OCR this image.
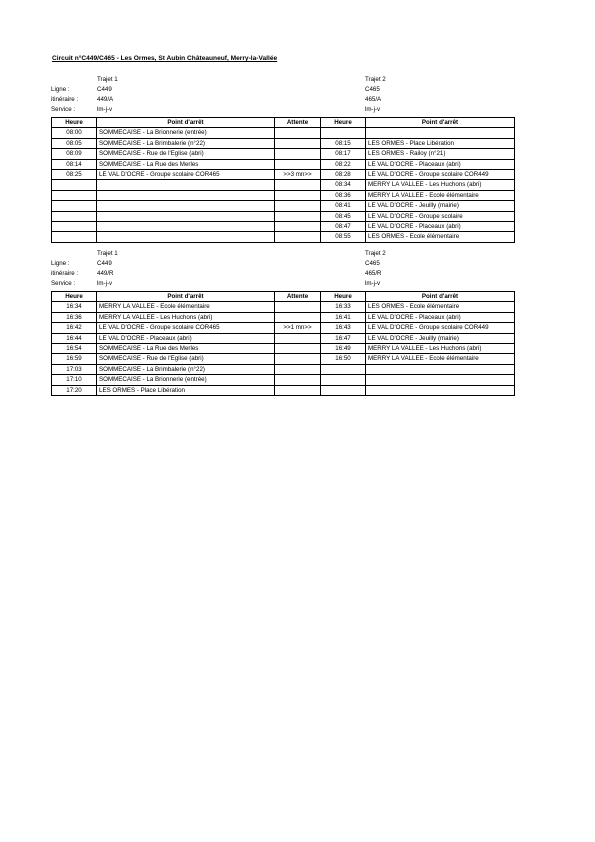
Circuit n°C449/C465 - Les Ormes, St Aubin Châteauneuf, Merry-la-Vallée
Trajet 1	Trajet 2
Ligne :	C449	C465
itinéraire :	449/A	465/A
Service :	lm-j-v	lm-j-v
Heure	Point d'arrêt	Attente	Heure	Point d'arrêt
08:00	SOMMECAISE - La Brionnerie (entrée)			
08:05	SOMMECAISE - La Brimbalerie (n°22)		08:15	LES ORMES - Place Libération
08:09	SOMMECAISE - Rue de l'Eglise (abri)		08:17	LES ORMES - Railoy (n°21)
08:14	SOMMECAISE - La Rue des Merles		08:22	LE VAL D'OCRE - Placeaux (abri)
08:25	LE VAL D'OCRE - Groupe scolaire COR465	>>3 mn>>	08:28	LE VAL D'OCRE - Groupe scolaire COR449
			08:34	MERRY LA VALLEE - Les Huchons (abri)
			08:36	MERRY LA VALLEE - Ecole élémentaire
			08:41	LE VAL D'OCRE - Jeuilly (mairie)
			08:45	LE VAL D'OCRE - Groupe scolaire
			08:47	LE VAL D'OCRE - Placeaux (abri)
			08:55	LES ORMES - Ecole élémentaire
Trajet 1	Trajet 2
Ligne :	C449	C465
itinéraire :	449/R	465/R
Service :	lm-j-v	lm-j-v
Heure	Point d'arrêt	Attente	Heure	Point d'arrêt
16:34	MERRY LA VALLEE - Ecole élémentaire		16:33	LES ORMES - Ecole élémentaire
16:36	MERRY LA VALLEE - Les Huchons (abri)		16:41	LE VAL D'OCRE - Placeaux (abri)
16:42	LE VAL D'OCRE - Groupe scolaire COR465	>>1 mn>>	16:43	LE VAL D'OCRE - Groupe scolaire COR449
16:44	LE VAL D'OCRE - Placeaux (abri)		16:47	LE VAL D'OCRE - Jeuilly (mairie)
16:54	SOMMECAISE - La Rue des Merles		16:49	MERRY LA VALLEE - Les Huchons (abri)
16:59	SOMMECAISE - Rue de l'Eglise (abri)		16:50	MERRY LA VALLEE - Ecole élémentaire
17:03	SOMMECAISE - La Brimbalerie (n°22)			
17:10	SOMMECAISE - La Brionnerie (entrée)			
17:20	LES ORMES - Place Libération			
